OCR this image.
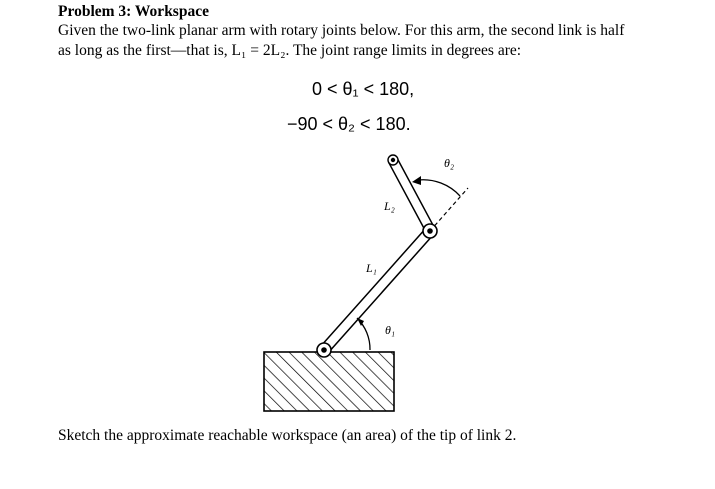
Problem 3: Workspace
Given the two-link planar arm with rotary joints below. For this arm, the second link is half
as long as the first—that is, L₁ = 2L₂. The joint range limits in degrees are:
0 < θ₁ < 180,
−90 < θ₂ < 180.
L₂
L₁
θ₁
θ₂
Sketch the approximate reachable workspace (an area) of the tip of link 2.
